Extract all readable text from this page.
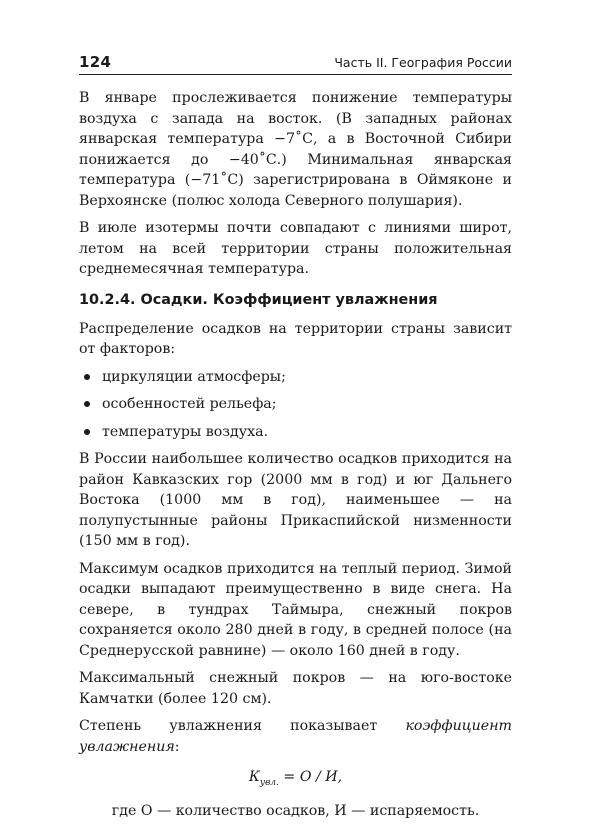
124	Часть II. География России

В январе прослеживается понижение температуры воздуха с запада на восток. (В западных районах январская температура −7˚С, а в Восточной Сибири понижается до −40˚С.) Минимальная январская температура (−71˚С) зарегистрирована в Оймяконе и Верхоянске (полюс холода Северного полушария).

В июле изотермы почти совпадают с линиями широт, летом на всей территории страны положительная среднемесячная температура.

10.2.4. Осадки. Коэффициент увлажнения

Распределение осадков на территории страны зависит от факторов:

циркуляции атмосферы;
особенностей рельефа;
температуры воздуха.

В России наибольшее количество осадков приходится на район Кавказских гор (2000 мм в год) и юг Дальнего Востока (1000 мм в год), наименьшее — на полупустынные районы Прикаспийской низменности (150 мм в год).

Максимум осадков приходится на теплый период. Зимой осадки выпадают преимущественно в виде снега. На севере, в тундрах Таймыра, снежный покров сохраняется около 280 дней в году, в средней полосе (на Среднерусской равнине) — около 160 дней в году.

Максимальный снежный покров — на юго-востоке Камчатки (более 120 см).

Степень увлажнения показывает коэффициент увлажнения:

$К_{увл.} = О / И$,

где О — количество осадков, И — испаряемость.
